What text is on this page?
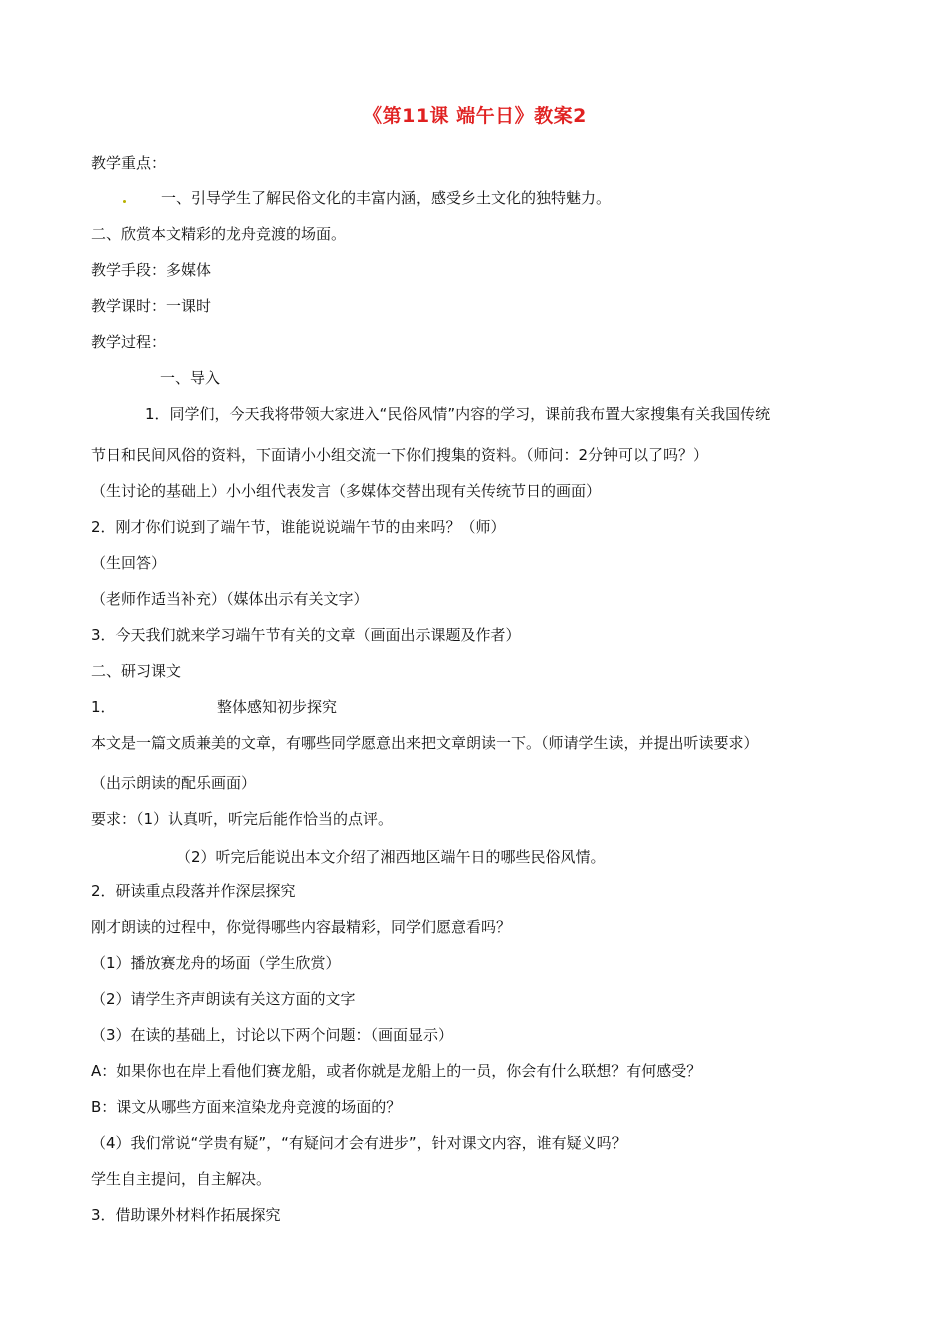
《第11课 端午日》教案2
教学重点：
一、引导学生了解民俗文化的丰富内涵，感受乡土文化的独特魅力。
二、欣赏本文精彩的龙舟竞渡的场面。
教学手段：多媒体
教学课时：一课时
教学过程：
一、导入
1．同学们，今天我将带领大家进入“民俗风情”内容的学习，课前我布置大家搜集有关我国传统
节日和民间风俗的资料，下面请小小组交流一下你们搜集的资料。（师问：2分钟可以了吗？）
（生讨论的基础上）小小组代表发言（多媒体交替出现有关传统节日的画面）
2．刚才你们说到了端午节，谁能说说端午节的由来吗？（师）
（生回答）
（老师作适当补充）（媒体出示有关文字）
3．今天我们就来学习端午节有关的文章（画面出示课题及作者）
二、研习课文
1．	整体感知初步探究
本文是一篇文质兼美的文章，有哪些同学愿意出来把文章朗读一下。（师请学生读，并提出听读要求）
（出示朗读的配乐画面）
要求：（1）认真听，听完后能作恰当的点评。
（2）听完后能说出本文介绍了湘西地区端午日的哪些民俗风情。
2．研读重点段落并作深层探究
刚才朗读的过程中，你觉得哪些内容最精彩，同学们愿意看吗？
（1）播放赛龙舟的场面（学生欣赏）
（2）请学生齐声朗读有关这方面的文字
（3）在读的基础上，讨论以下两个问题：（画面显示）
A：如果你也在岸上看他们赛龙船，或者你就是龙船上的一员，你会有什么联想？有何感受？
B：课文从哪些方面来渲染龙舟竞渡的场面的？
（4）我们常说“学贵有疑”，“有疑问才会有进步”，针对课文内容，谁有疑义吗？
学生自主提问，自主解决。
3．借助课外材料作拓展探究
